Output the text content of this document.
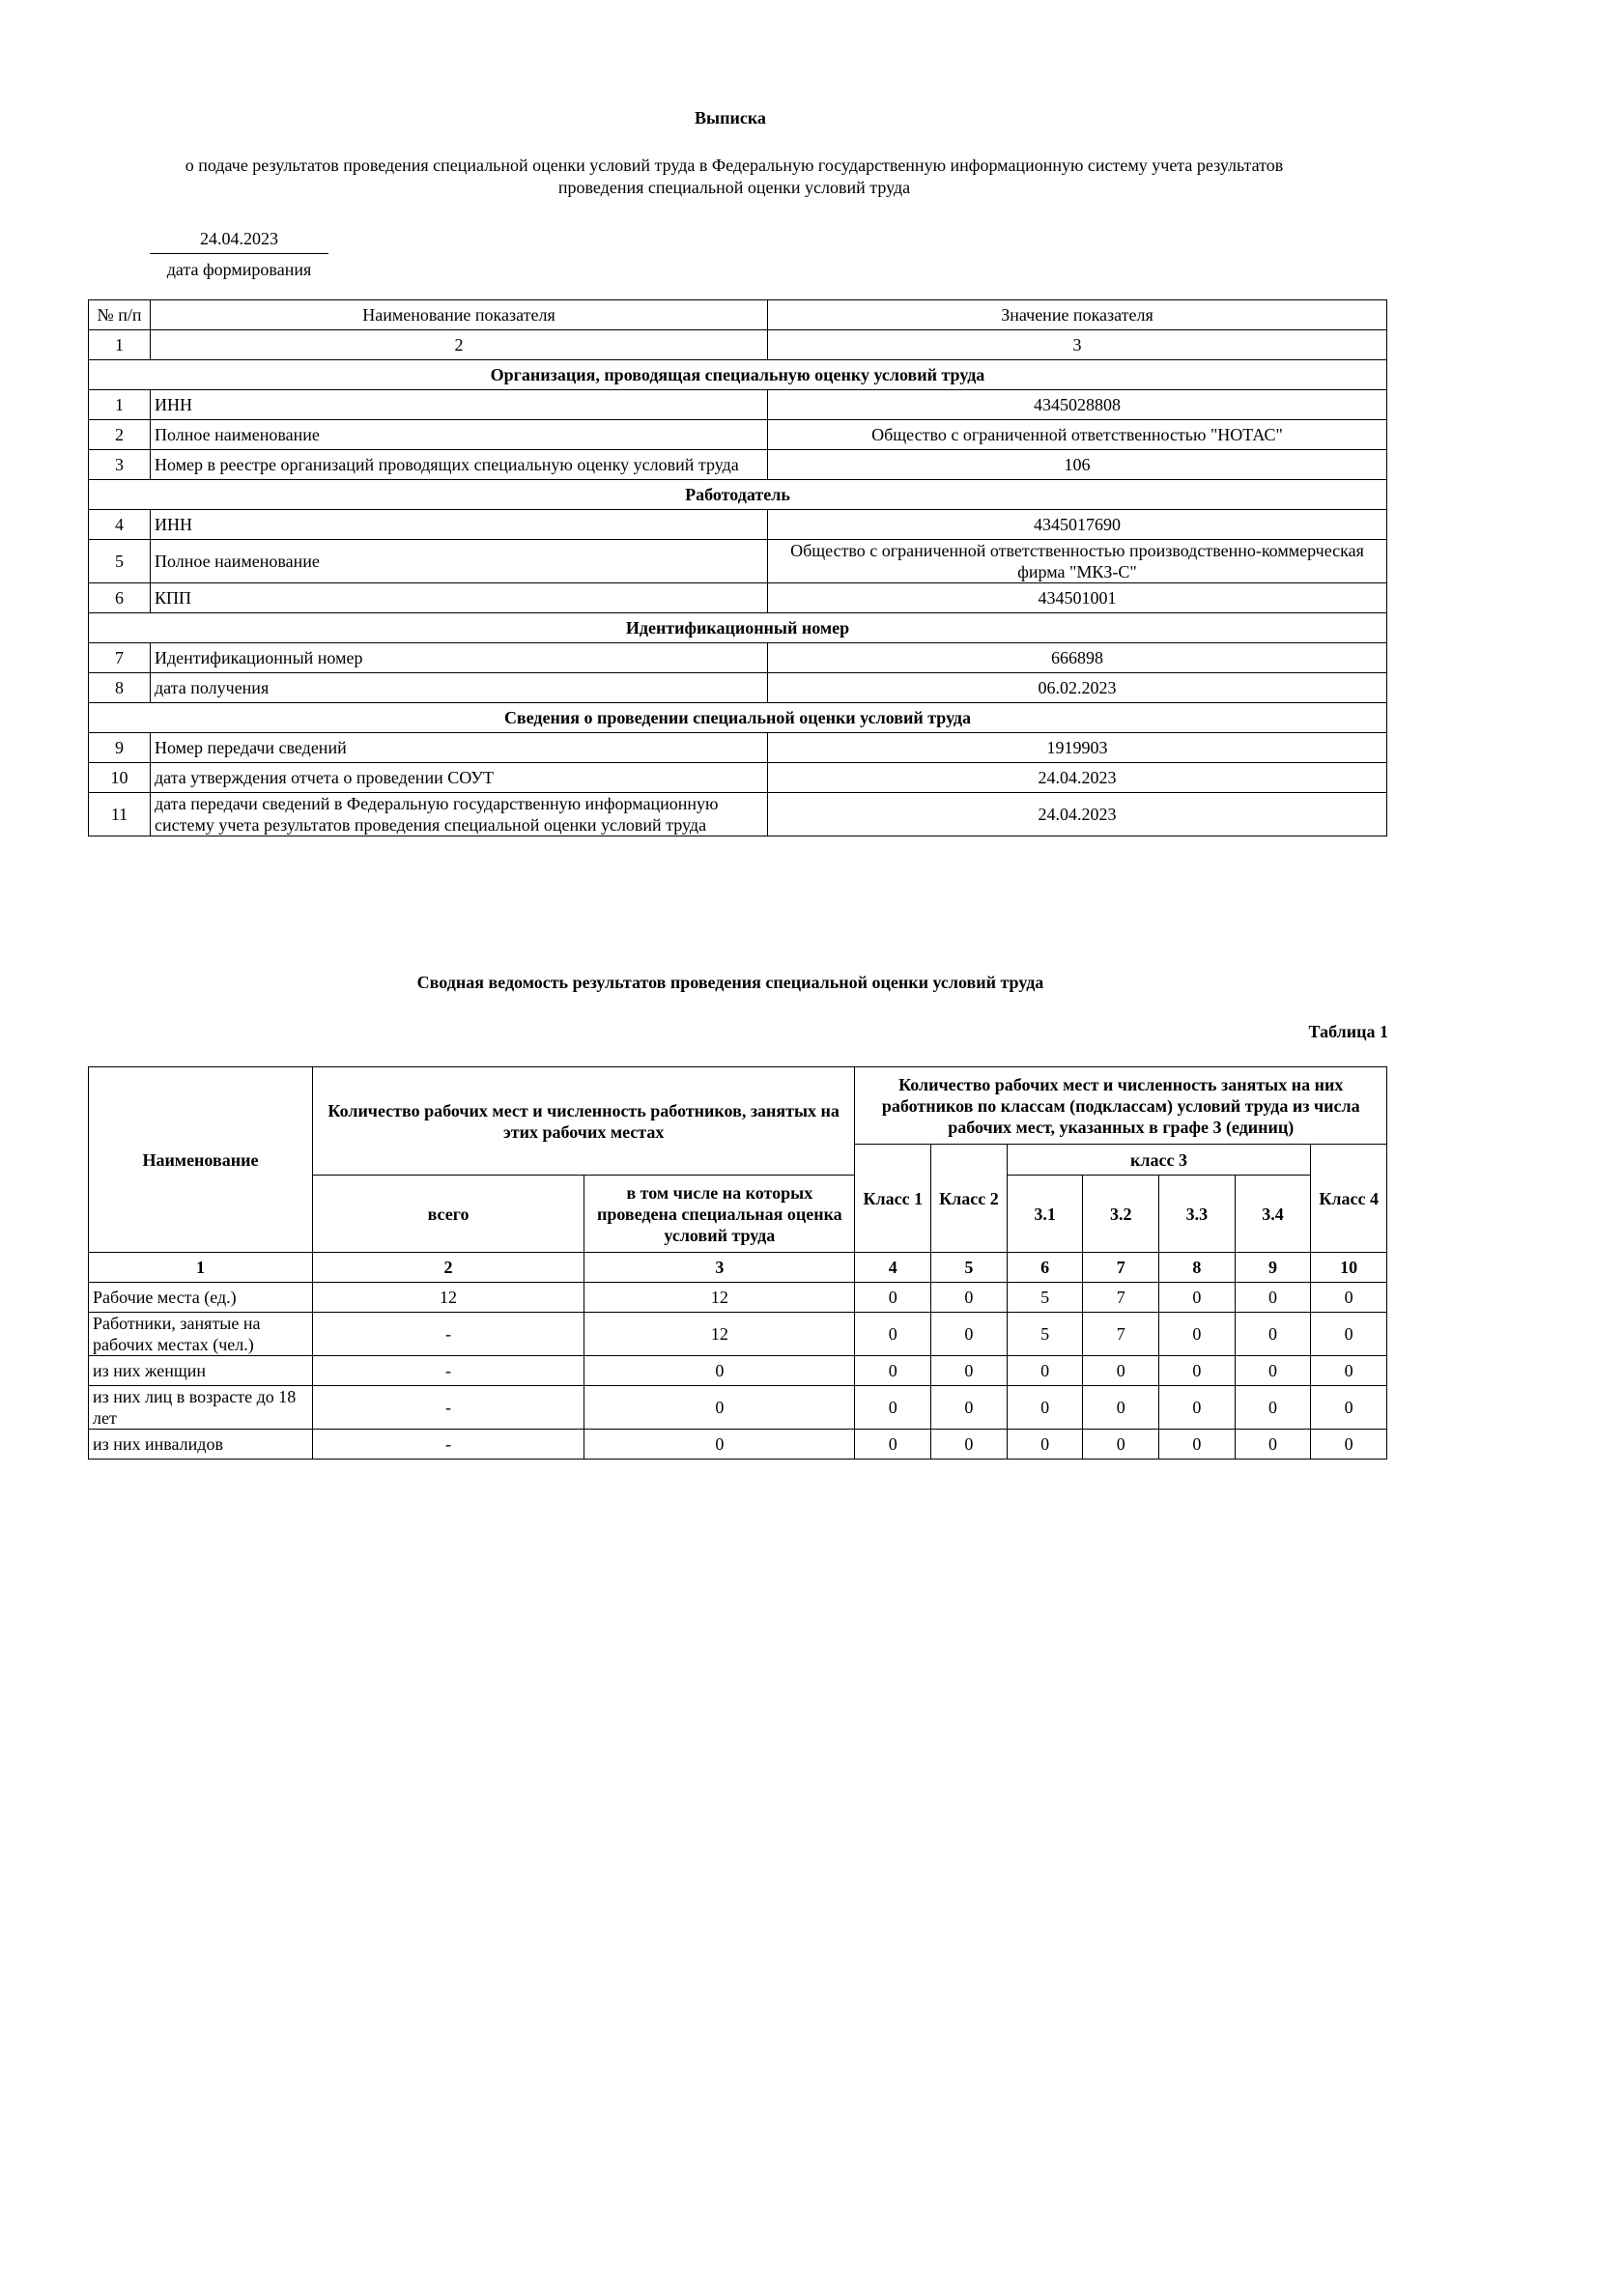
Выписка
о подаче результатов проведения специальной оценки условий труда в Федеральную государственную информационную систему учета результатов
проведения специальной оценки условий труда
24.04.2023
дата формирования
№ п/п	Наименование показателя	Значение показателя
1	2	3
Организация, проводящая специальную оценку условий труда		
1	ИНН	4345028808
2	Полное наименование	Общество с ограниченной ответственностью "НОТАС"
3	Номер в реестре организаций проводящих специальную оценку условий труда	106
Работодатель		
4	ИНН	4345017690
5	Полное наименование	Общество с ограниченной ответственностью производственно-коммерческая фирма "МКЗ-С"
6	КПП	434501001
Идентификационный номер		
7	Идентификационный номер	666898
8	дата получения	06.02.2023
Сведения о проведении специальной оценки условий труда		
9	Номер передачи сведений	1919903
10	дата утверждения отчета о проведении СОУТ	24.04.2023
11	дата передачи сведений в Федеральную государственную информационную систему учета результатов проведения специальной оценки условий труда	24.04.2023
Сводная ведомость результатов проведения специальной оценки условий труда
Таблица 1
Наименование	Количество рабочих мест и численность работников, занятых на этих рабочих местах		Количество рабочих мест и численность занятых на них работников по классам (подклассам) условий труда из числа рабочих мест, указанных в графе 3 (единиц)						
			Класс 1	Класс 2	класс 3				Класс 4
	всего	в том числе на которых проведена специальная оценка условий труда			3.1	3.2	3.3	3.4	
1	2	3	4	5	6	7	8	9	10
Рабочие места (ед.)	12	12	0	0	5	7	0	0	0
Работники, занятые на рабочих местах (чел.)	-	12	0	0	5	7	0	0	0
из них женщин	-	0	0	0	0	0	0	0	0
из них лиц в возрасте до 18 лет	-	0	0	0	0	0	0	0	0
из них инвалидов	-	0	0	0	0	0	0	0	0
